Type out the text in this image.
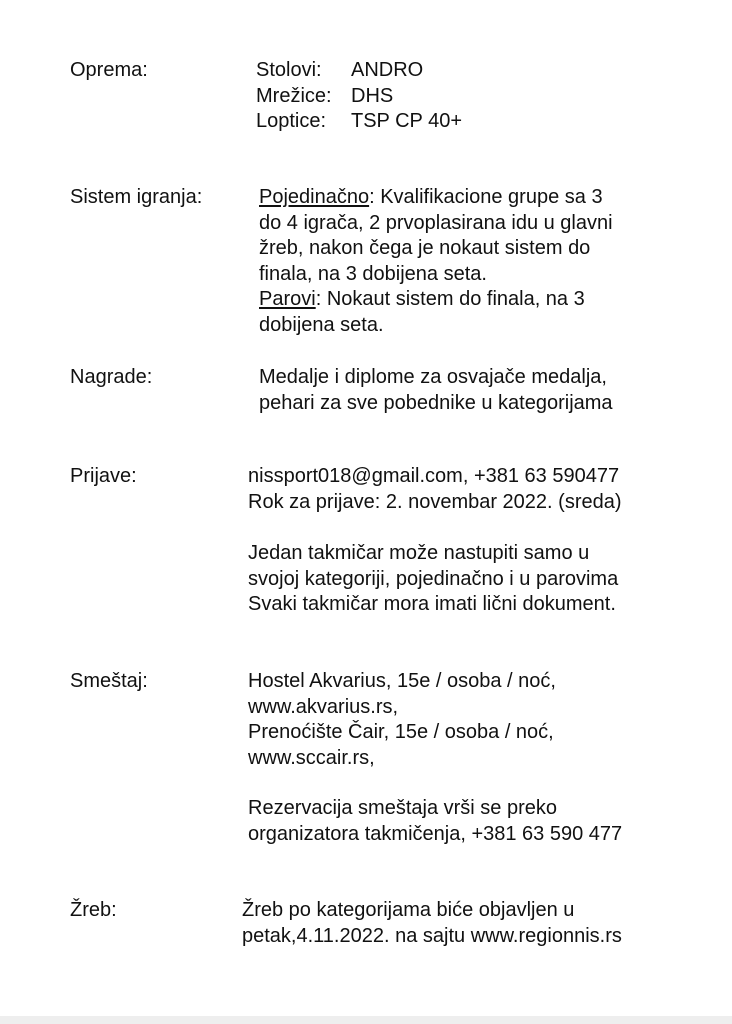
Oprema:	Stolovi: ANDRO
Mrežice: DHS
Loptice: TSP CP 40+
Sistem igranja:	Pojedinačno: Kvalifikacione grupe sa 3
do 4 igrača, 2 prvoplasirana idu u glavni
žreb, nakon čega je nokaut sistem do
finala, na 3 dobijena seta.
Parovi: Nokaut sistem do finala, na 3
dobijena seta.
Nagrade:	Medalje i diplome za osvajače medalja,
pehari za sve pobednike u kategorijama
Prijave:	nissport018@gmail.com, +381 63 590477
Rok za prijave: 2. novembar 2022. (sreda)
Jedan takmičar može nastupiti samo u
svojoj kategoriji, pojedinačno i u parovima
Svaki takmičar mora imati lični dokument.
Smeštaj:	Hostel Akvarius, 15e / osoba / noć,
www.akvarius.rs,
Prenoćište Čair, 15e / osoba / noć,
www.sccair.rs,
Rezervacija smeštaja vrši se preko
organizatora takmičenja, +381 63 590 477
Žreb:	Žreb po kategorijama biće objavljen u
petak,4.11.2022. na sajtu www.regionnis.rs
